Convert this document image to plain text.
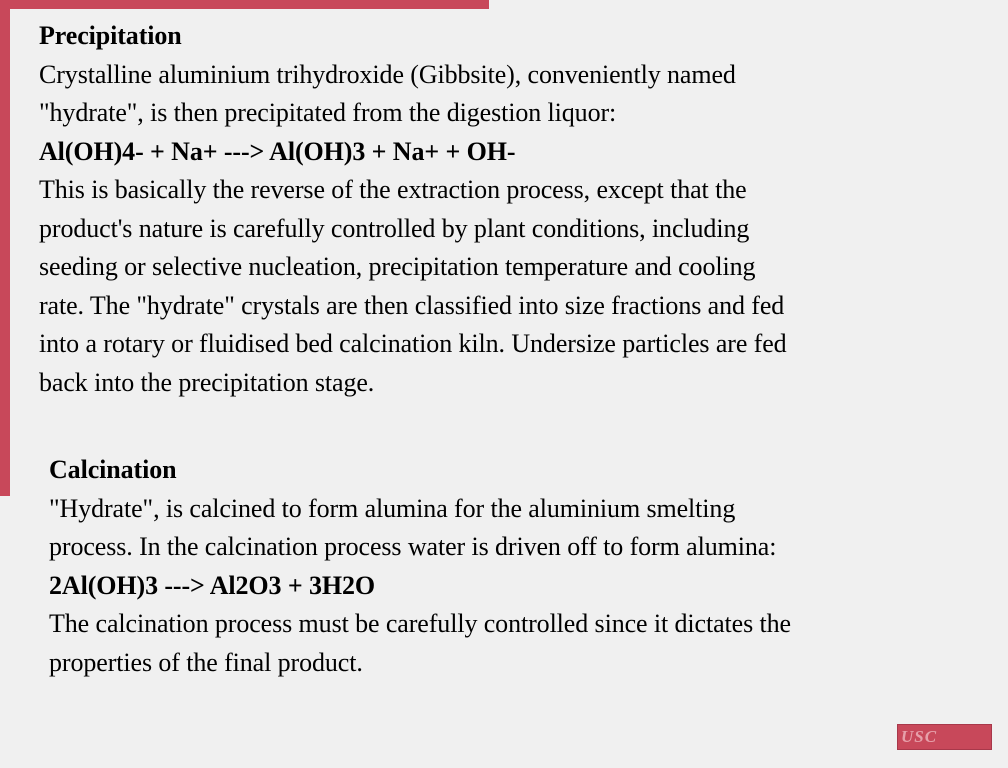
Precipitation

Crystalline aluminium trihydroxide (Gibbsite), conveniently named

"hydrate", is then precipitated from the digestion liquor:

Al(OH)4- + Na+ ---> Al(OH)3 + Na+ + OH-

This is basically the reverse of the extraction process, except that the

product's nature is carefully controlled by plant conditions, including

seeding or selective nucleation, precipitation temperature and cooling

rate. The "hydrate" crystals are then classified into size fractions and fed

into a rotary or fluidised bed calcination kiln. Undersize particles are fed

back into the precipitation stage.

Calcination

"Hydrate", is calcined to form alumina for the aluminium smelting

process. In the calcination process water is driven off to form alumina:

2Al(OH)3 ---> Al2O3 + 3H2O

The calcination process must be carefully controlled since it dictates the

properties of the final product.

USC
